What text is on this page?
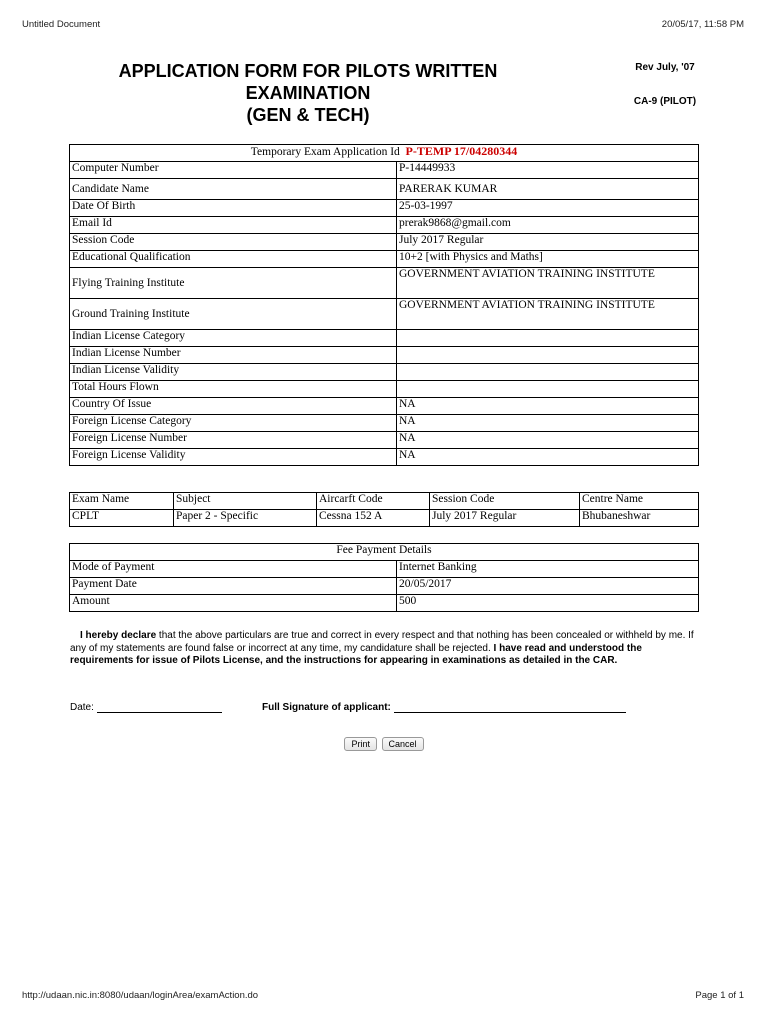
Untitled Document	20/05/17, 11:58 PM
APPLICATION FORM FOR PILOTS WRITTEN
EXAMINATION
(GEN & TECH)
Rev July, '07
CA-9 (PILOT)
Temporary Exam Application Id P-TEMP 17/04280344	
Computer Number	P-14449933
Candidate Name	PARERAK KUMAR
Date Of Birth	25-03-1997
Email Id	prerak9868@gmail.com
Session Code	July 2017 Regular
Educational Qualification	10+2 [with Physics and Maths]
Flying Training Institute	GOVERNMENT AVIATION TRAINING INSTITUTE
Ground Training Institute	GOVERNMENT AVIATION TRAINING INSTITUTE
Indian License Category	
Indian License Number	
Indian License Validity	
Total Hours Flown	
Country Of Issue	NA
Foreign License Category	NA
Foreign License Number	NA
Foreign License Validity	NA
Exam Name	Subject	Aircarft Code	Session Code	Centre Name
CPLT	Paper 2 - Specific	Cessna 152 A	July 2017 Regular	Bhubaneshwar
Fee Payment Details	
Mode of Payment	Internet Banking
Payment Date	20/05/2017
Amount	500
I hereby declare that the above particulars are true and correct in every respect and that nothing has been concealed or withheld by me. If any of my statements are found false or incorrect at any time, my candidature shall be rejected. I have read and understood the requirements for issue of Pilots License, and the instructions for appearing in examinations as detailed in the CAR.
Date:	Full Signature of applicant:
Print Cancel
http://udaan.nic.in:8080/udaan/loginArea/examAction.do	Page 1 of 1
